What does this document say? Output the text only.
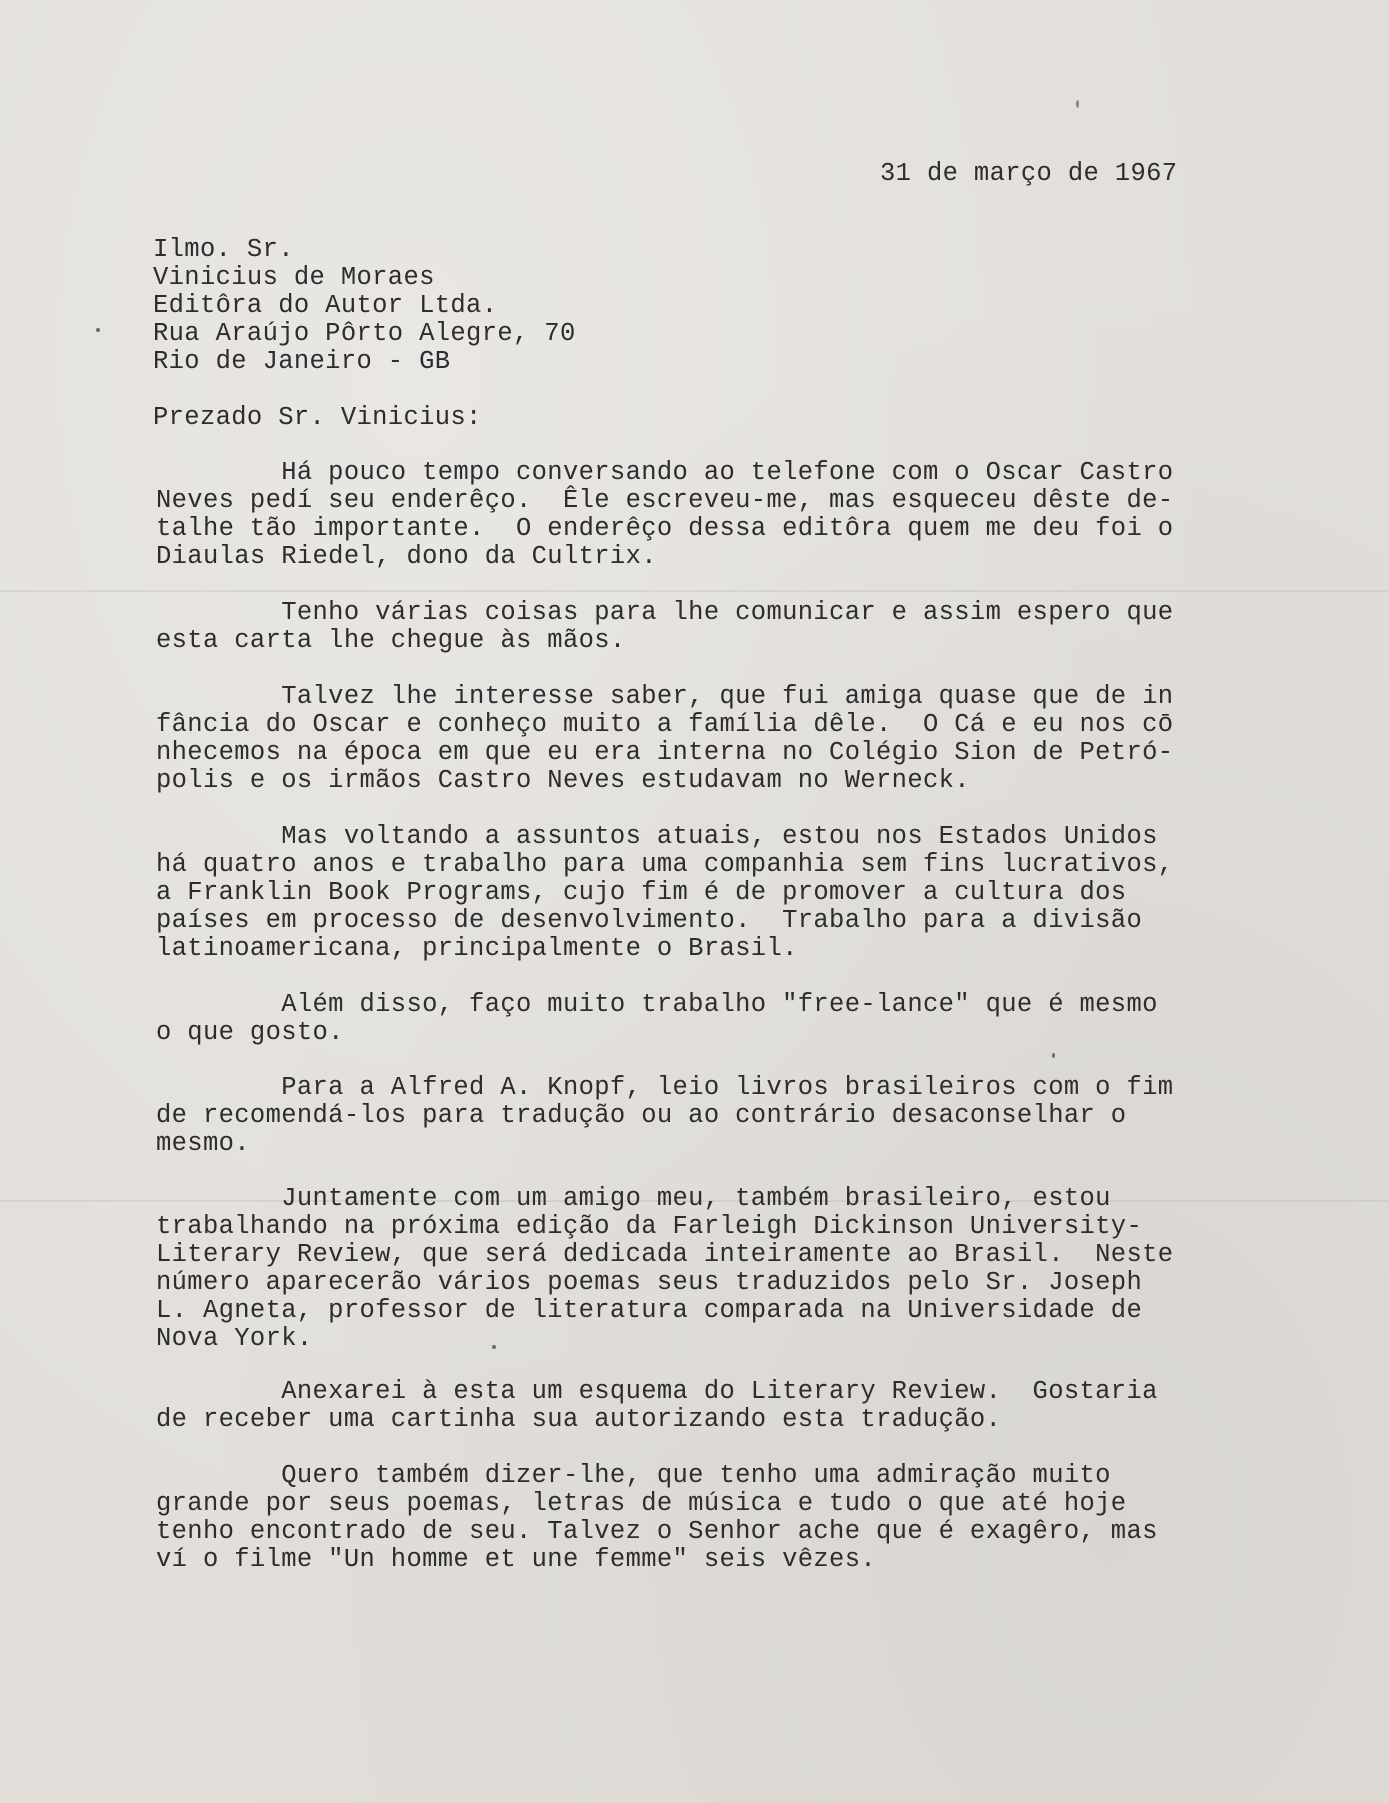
31 de março de 1967
Ilmo. Sr.
Vinicius de Moraes
Editôra do Autor Ltda.
Rua Araújo Pôrto Alegre, 70
Rio de Janeiro - GB
Prezado Sr. Vinicius:
Há pouco tempo conversando ao telefone com o Oscar Castro
Neves pedí seu enderêço.  Êle escreveu-me, mas esqueceu dêste de-
talhe tão importante.  O enderêço dessa editôra quem me deu foi o
Diaulas Riedel, dono da Cultrix.
Tenho várias coisas para lhe comunicar e assim espero que
esta carta lhe chegue às mãos.
Talvez lhe interesse saber, que fui amiga quase que de in
fância do Oscar e conheço muito a família dêle.  O Cá e eu nos cō
nhecemos na época em que eu era interna no Colégio Sion de Petró-
polis e os irmãos Castro Neves estudavam no Werneck.
Mas voltando a assuntos atuais, estou nos Estados Unidos
há quatro anos e trabalho para uma companhia sem fins lucrativos,
a Franklin Book Programs, cujo fim é de promover a cultura dos
países em processo de desenvolvimento.  Trabalho para a divisão
latinoamericana, principalmente o Brasil.
Além disso, faço muito trabalho "free-lance" que é mesmo
o que gosto.
Para a Alfred A. Knopf, leio livros brasileiros com o fim
de recomendá-los para tradução ou ao contrário desaconselhar o
mesmo.
Juntamente com um amigo meu, também brasileiro, estou
trabalhando na próxima edição da Farleigh Dickinson University-
Literary Review, que será dedicada inteiramente ao Brasil.  Neste
número aparecerão vários poemas seus traduzidos pelo Sr. Joseph
L. Agneta, professor de literatura comparada na Universidade de
Nova York.
Anexarei à esta um esquema do Literary Review.  Gostaria
de receber uma cartinha sua autorizando esta tradução.
Quero também dizer-lhe, que tenho uma admiração muito
grande por seus poemas, letras de música e tudo o que até hoje
tenho encontrado de seu. Talvez o Senhor ache que é exagêro, mas
ví o filme "Un homme et une femme" seis vêzes.
